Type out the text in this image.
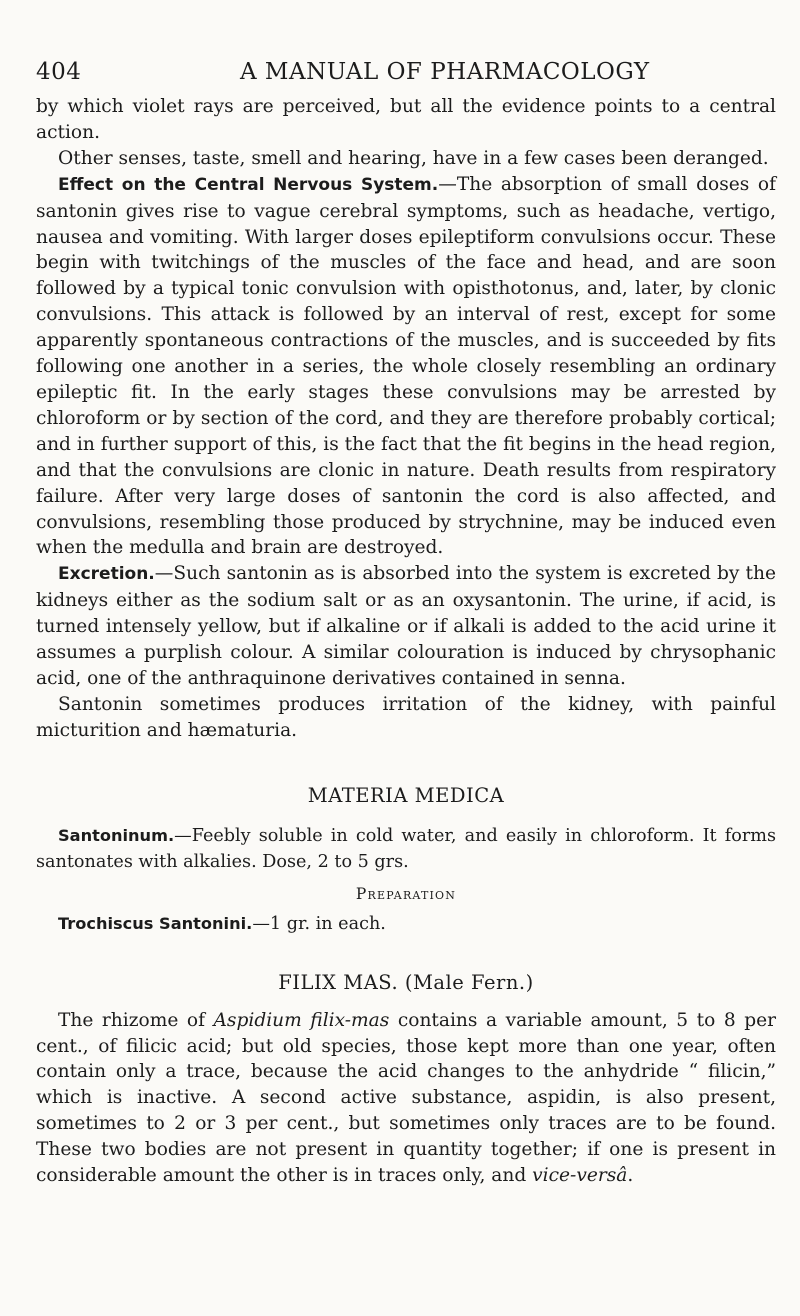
404	A MANUAL OF PHARMACOLOGY

by which violet rays are perceived, but all the evidence points to a central action.

Other senses, taste, smell and hearing, have in a few cases been deranged.

Effect on the Central Nervous System.—The absorption of small doses of santonin gives rise to vague cerebral symptoms, such as headache, vertigo, nausea and vomiting. With larger doses epileptiform convulsions occur. These begin with twitchings of the muscles of the face and head, and are soon followed by a typical tonic convulsion with opisthotonus, and, later, by clonic convulsions. This attack is followed by an interval of rest, except for some apparently spontaneous contractions of the muscles, and is succeeded by fits following one another in a series, the whole closely resembling an ordinary epileptic fit. In the early stages these convulsions may be arrested by chloroform or by section of the cord, and they are therefore probably cortical; and in further support of this, is the fact that the fit begins in the head region, and that the convulsions are clonic in nature. Death results from respiratory failure. After very large doses of santonin the cord is also affected, and convulsions, resembling those produced by strychnine, may be induced even when the medulla and brain are destroyed.

Excretion.—Such santonin as is absorbed into the system is excreted by the kidneys either as the sodium salt or as an oxysantonin. The urine, if acid, is turned intensely yellow, but if alkaline or if alkali is added to the acid urine it assumes a purplish colour. A similar colouration is induced by chrysophanic acid, one of the anthraquinone derivatives contained in senna.

Santonin sometimes produces irritation of the kidney, with painful micturition and hæmaturia.

MATERIA MEDICA

Santoninum.—Feebly soluble in cold water, and easily in chloroform. It forms santonates with alkalies. Dose, 2 to 5 grs.

Preparation

Trochiscus Santonini.—1 gr. in each.

FILIX MAS. (Male Fern.)

The rhizome of Aspidium filix-mas contains a variable amount, 5 to 8 per cent., of filicic acid; but old species, those kept more than one year, often contain only a trace, because the acid changes to the anhydride “ filicin,” which is inactive. A second active substance, aspidin, is also present, sometimes to 2 or 3 per cent., but sometimes only traces are to be found. These two bodies are not present in quantity together; if one is present in considerable amount the other is in traces only, and vice-versâ.
